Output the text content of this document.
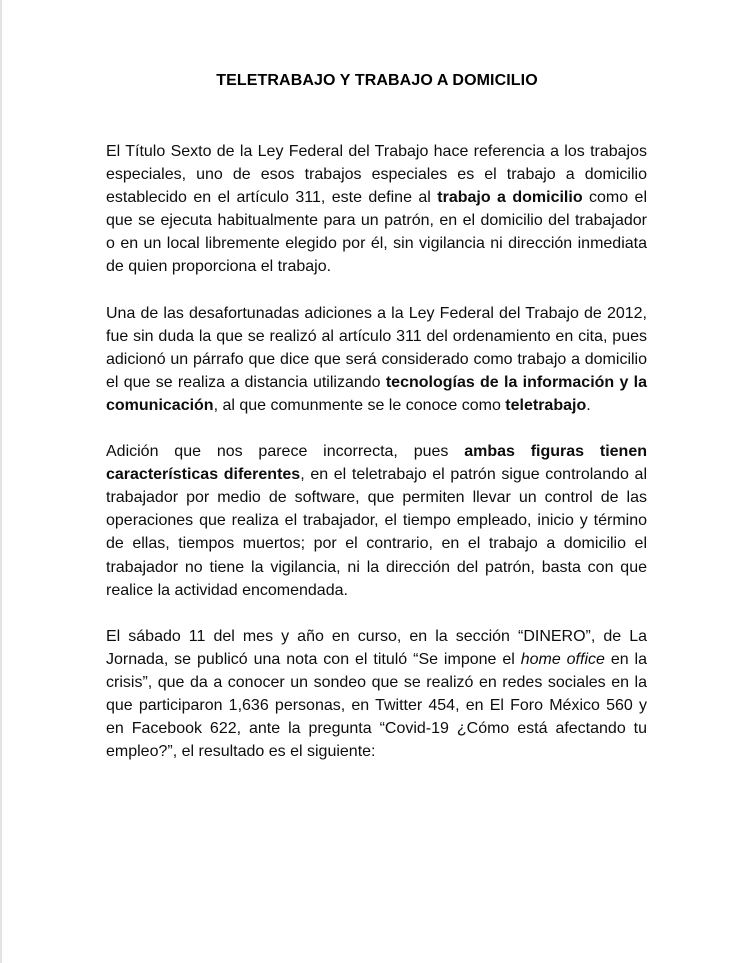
TELETRABAJO Y TRABAJO A DOMICILIO

El Título Sexto de la Ley Federal del Trabajo hace referencia a los trabajos especiales, uno de esos trabajos especiales es el trabajo a domicilio establecido en el artículo 311, este define al trabajo a domicilio como el que se ejecuta habitualmente para un patrón, en el domicilio del trabajador o en un local libremente elegido por él, sin vigilancia ni dirección inmediata de quien proporciona el trabajo.

Una de las desafortunadas adiciones a la Ley Federal del Trabajo de 2012, fue sin duda la que se realizó al artículo 311 del ordenamiento en cita, pues adicionó un párrafo que dice que será considerado como trabajo a domicilio el que se realiza a distancia utilizando tecnologías de la información y la comunicación, al que comunmente se le conoce como teletrabajo.

Adición que nos parece incorrecta, pues ambas figuras tienen características diferentes, en el teletrabajo el patrón sigue controlando al trabajador por medio de software, que permiten llevar un control de las operaciones que realiza el trabajador, el tiempo empleado, inicio y término de ellas, tiempos muertos; por el contrario, en el trabajo a domicilio el trabajador no tiene la vigilancia, ni la dirección del patrón, basta con que realice la actividad encomendada.

El sábado 11 del mes y año en curso, en la sección “DINERO”, de La Jornada, se publicó una nota con el tituló “Se impone el home office en la crisis”, que da a conocer un sondeo que se realizó en redes sociales en la que participaron 1,636 personas, en Twitter 454, en El Foro México 560 y en Facebook 622, ante la pregunta “Covid-19 ¿Cómo está afectando tu empleo?”, el resultado es el siguiente:
